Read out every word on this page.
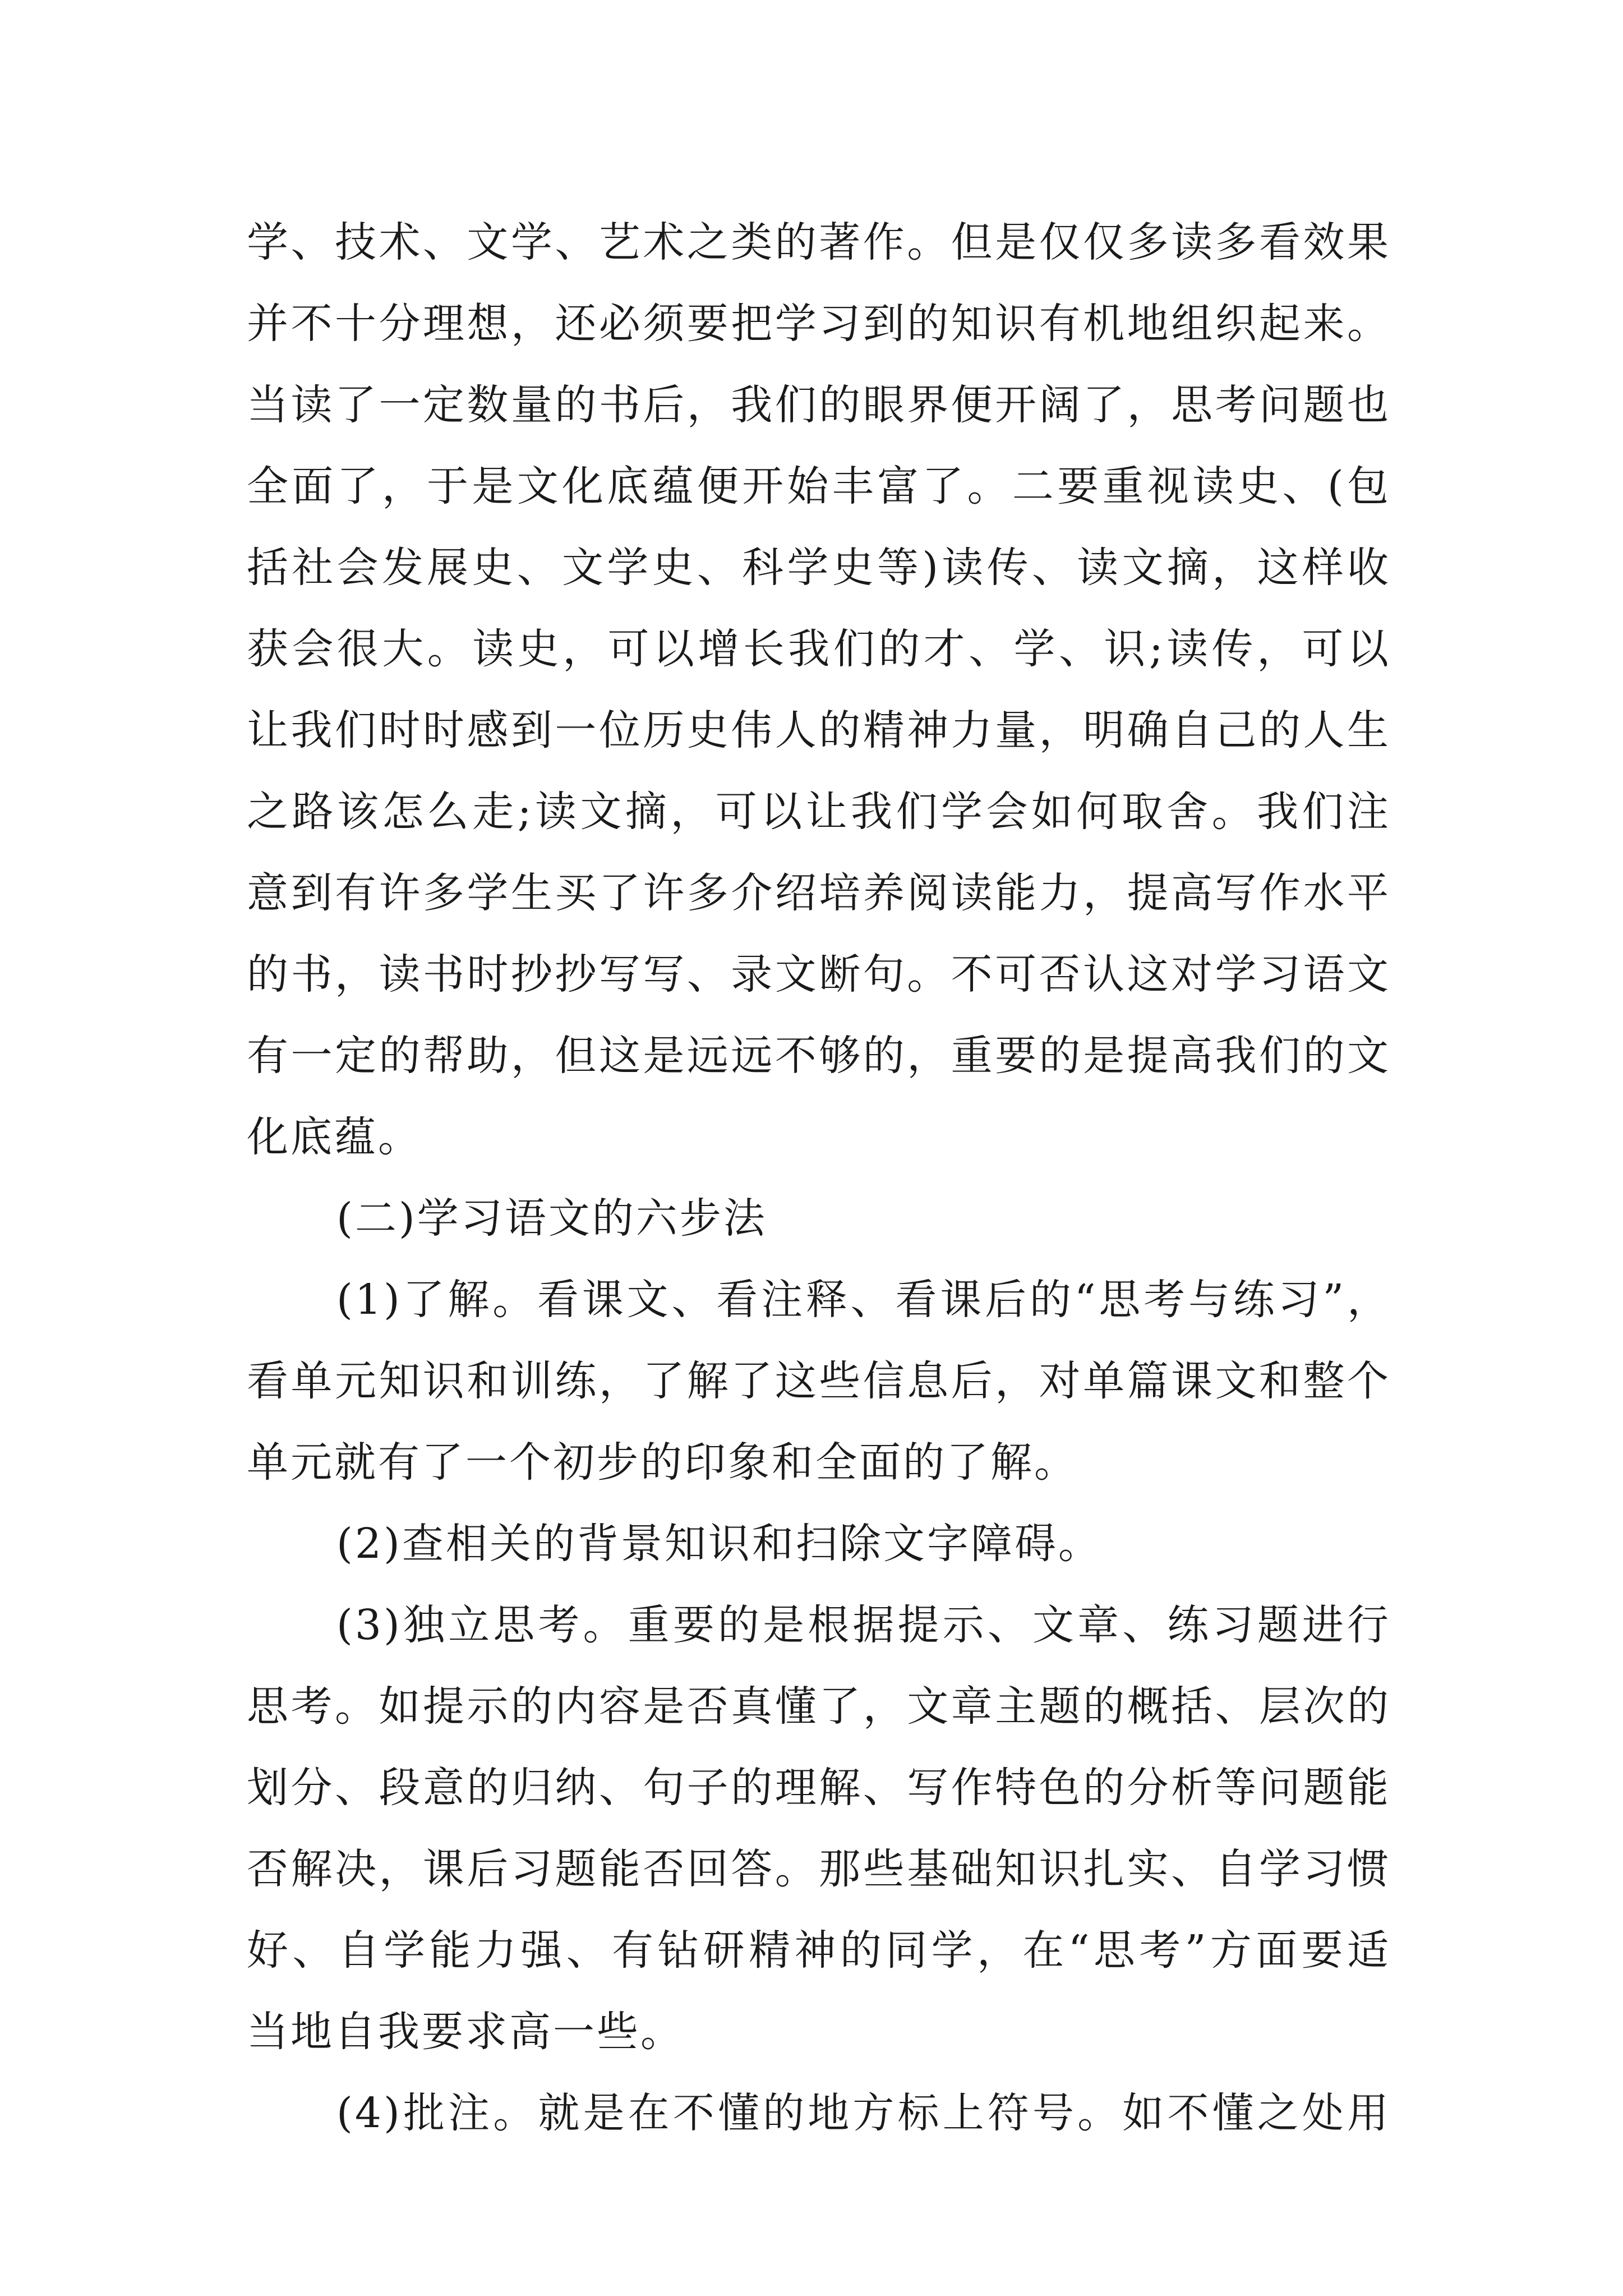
学、技术、文学、艺术之类的著作。但是仅仅多读多看效果
并不十分理想，还必须要把学习到的知识有机地组织起来。
当读了一定数量的书后，我们的眼界便开阔了，思考问题也
全面了，于是文化底蕴便开始丰富了。二要重视读史、(包
括社会发展史、文学史、科学史等)读传、读文摘，这样收
获会很大。读史，可以增长我们的才、学、识;读传，可以
让我们时时感到一位历史伟人的精神力量，明确自己的人生
之路该怎么走;读文摘，可以让我们学会如何取舍。我们注
意到有许多学生买了许多介绍培养阅读能力，提高写作水平
的书，读书时抄抄写写、录文断句。不可否认这对学习语文
有一定的帮助，但这是远远不够的，重要的是提高我们的文
化底蕴。
(二)学习语文的六步法
(1)了解。看课文、看注释、看课后的“思考与练习”，
看单元知识和训练，了解了这些信息后，对单篇课文和整个
单元就有了一个初步的印象和全面的了解。
(2)查相关的背景知识和扫除文字障碍。
(3)独立思考。重要的是根据提示、文章、练习题进行
思考。如提示的内容是否真懂了，文章主题的概括、层次的
划分、段意的归纳、句子的理解、写作特色的分析等问题能
否解决，课后习题能否回答。那些基础知识扎实、自学习惯
好、自学能力强、有钻研精神的同学，在“思考”方面要适
当地自我要求高一些。
(4)批注。就是在不懂的地方标上符号。如不懂之处用
